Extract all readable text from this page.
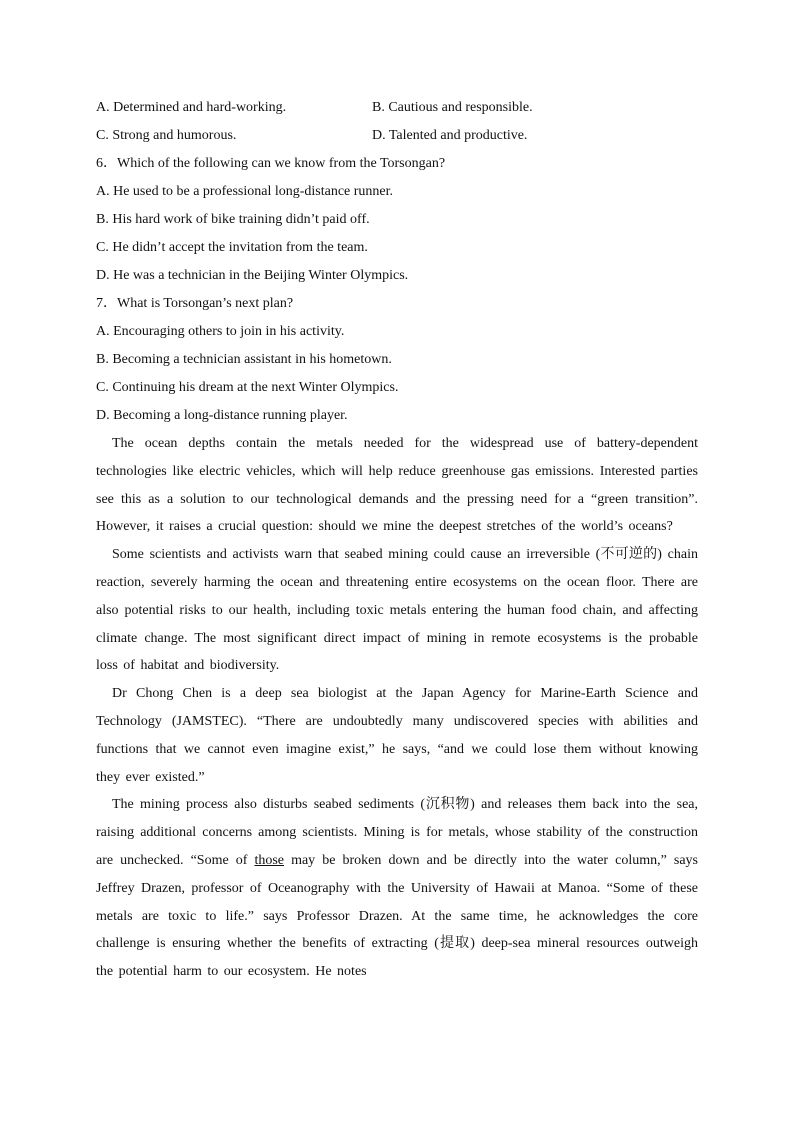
A. Determined and hard-working.	B. Cautious and responsible.
C. Strong and humorous.	D. Talented and productive.
6．Which of the following can we know from the Torsongan?
A. He used to be a professional long-distance runner.
B. His hard work of bike training didn’t paid off.
C. He didn’t accept the invitation from the team.
D. He was a technician in the Beijing Winter Olympics.
7．What is Torsongan’s next plan?
A. Encouraging others to join in his activity.
B. Becoming a technician assistant in his hometown.
C. Continuing his dream at the next Winter Olympics.
D. Becoming a long-distance running player.

The ocean depths contain the metals needed for the widespread use of battery-dependent technologies like electric vehicles, which will help reduce greenhouse gas emissions. Interested parties see this as a solution to our technological demands and the pressing need for a “green transition”. However, it raises a crucial question: should we mine the deepest stretches of the world’s oceans?

Some scientists and activists warn that seabed mining could cause an irreversible (不可逆的) chain reaction, severely harming the ocean and threatening entire ecosystems on the ocean floor. There are also potential risks to our health, including toxic metals entering the human food chain, and affecting climate change. The most significant direct impact of mining in remote ecosystems is the probable loss of habitat and biodiversity.

Dr Chong Chen is a deep sea biologist at the Japan Agency for Marine-Earth Science and Technology (JAMSTEC). “There are undoubtedly many undiscovered species with abilities and functions that we cannot even imagine exist,” he says, “and we could lose them without knowing they ever existed.”

The mining process also disturbs seabed sediments (沉积物) and releases them back into the sea, raising additional concerns among scientists. Mining is for metals, whose stability of the construction are unchecked. “Some of those may be broken down and be directly into the water column,” says Jeffrey Drazen, professor of Oceanography with the University of Hawaii at Manoa. “Some of these metals are toxic to life.” says Professor Drazen. At the same time, he acknowledges the core challenge is ensuring whether the benefits of extracting (提取) deep-sea mineral resources outweigh the potential harm to our ecosystem. He notes
